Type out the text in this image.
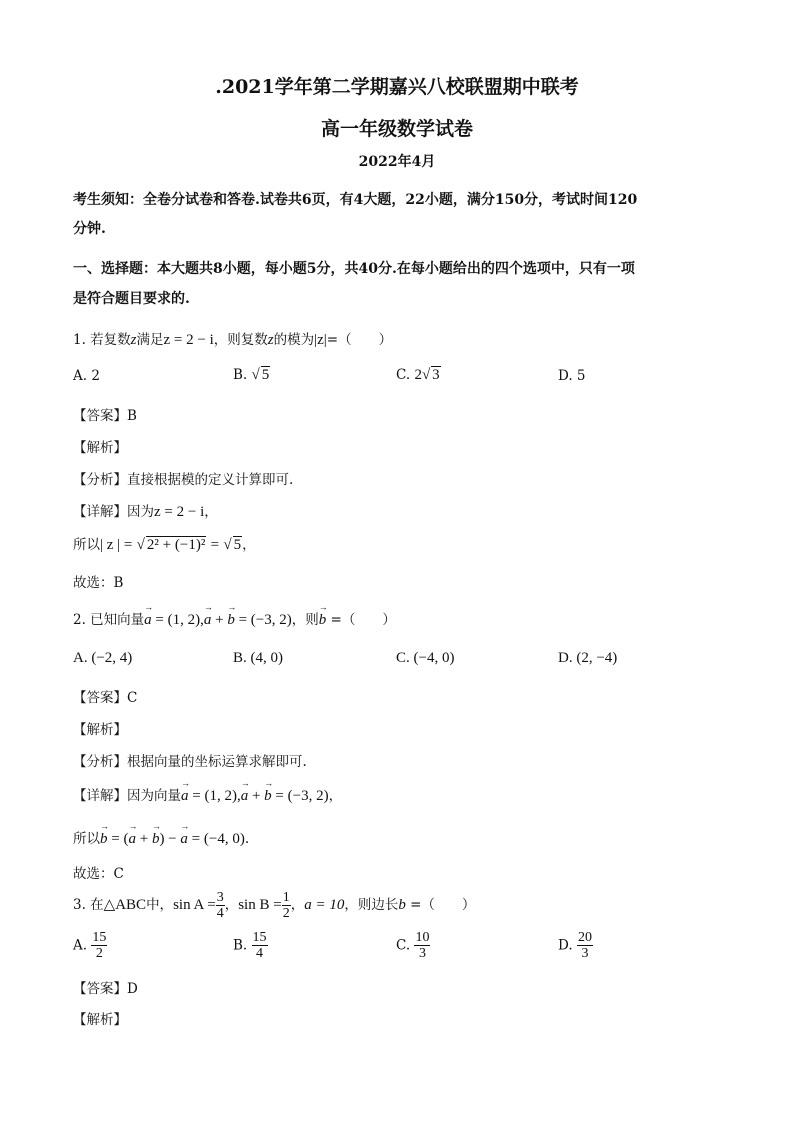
.2021学年第二学期嘉兴八校联盟期中联考
高一年级数学试卷
2022年4月
考生须知：全卷分试卷和答卷.试卷共6页，有4大题，22小题，满分150分，考试时间120
分钟.
一、选择题：本大题共8小题，每小题5分，共40分.在每小题给出的四个选项中，只有一项
是符合题目要求的.
1. 若复数z满足z = 2 − i，则复数z的模为|z|=（　　）
A. 2	B. √ 5	C. 2√ 3	D. 5
【答案】B
【解析】
【分析】直接根据模的定义计算即可.
【详解】因为z = 2 − i，
所以| z | = √ 2² + (−1)² = √ 5，
故选：B
2. 已知向量
→
a = (1, 2),
→
a +
→
b = (−3, 2)，则
→
b =（　　）
A. (−2, 4)	B. (4, 0)	C. (−4, 0)	D. (2, −4)
【答案】C
【解析】
【分析】根据向量的坐标运算求解即可.
【详解】因为向量
→
a = (1, 2),
→
a +
→
b = (−3, 2)，
所以
→
b = (
→
a +
→
b) −
→
a = (−4, 0).
故选：C
3. 在△ABC中，$\sin A = \frac{3}{4}$ ，$\sin B = \frac{1}{2}$ ，a = 10，则边长b =（　　）
A. $\frac{15}{2}$	B. $\frac{15}{4}$	C. $\frac{10}{3}$	D. $\frac{20}{3}$
【答案】D
【解析】
